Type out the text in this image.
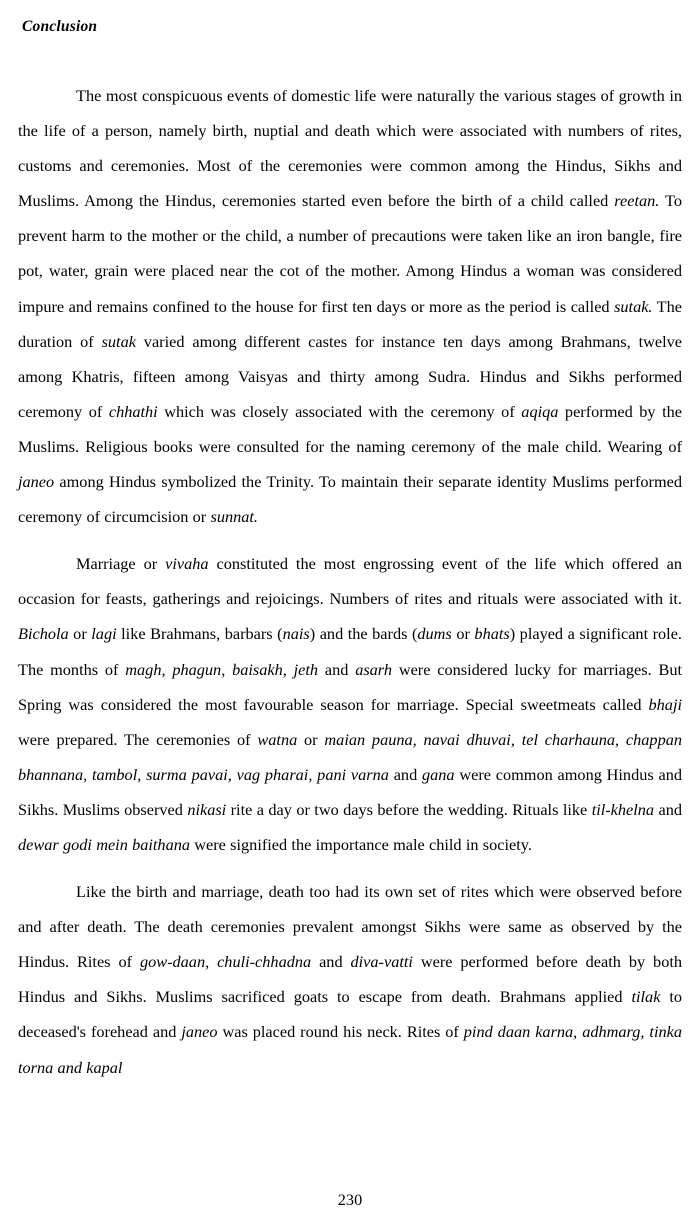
Conclusion

The most conspicuous events of domestic life were naturally the various stages of growth in the life of a person, namely birth, nuptial and death which were associated with numbers of rites, customs and ceremonies. Most of the ceremonies were common among the Hindus, Sikhs and Muslims. Among the Hindus, ceremonies started even before the birth of a child called reetan. To prevent harm to the mother or the child, a number of precautions were taken like an iron bangle, fire pot, water, grain were placed near the cot of the mother. Among Hindus a woman was considered impure and remains confined to the house for first ten days or more as the period is called sutak. The duration of sutak varied among different castes for instance ten days among Brahmans, twelve among Khatris, fifteen among Vaisyas and thirty among Sudra. Hindus and Sikhs performed ceremony of chhathi which was closely associated with the ceremony of aqiqa performed by the Muslims. Religious books were consulted for the naming ceremony of the male child. Wearing of janeo among Hindus symbolized the Trinity. To maintain their separate identity Muslims performed ceremony of circumcision or sunnat.

Marriage or vivaha constituted the most engrossing event of the life which offered an occasion for feasts, gatherings and rejoicings. Numbers of rites and rituals were associated with it. Bichola or lagi like Brahmans, barbars (nais) and the bards (dums or bhats) played a significant role. The months of magh, phagun, baisakh, jeth and asarh were considered lucky for marriages. But Spring was considered the most favourable season for marriage. Special sweetmeats called bhaji were prepared. The ceremonies of watna or maian pauna, navai dhuvai, tel charhauna, chappan bhannana, tambol, surma pavai, vag pharai, pani varna and gana were common among Hindus and Sikhs. Muslims observed nikasi rite a day or two days before the wedding. Rituals like til-khelna and dewar godi mein baithana were signified the importance male child in society.

Like the birth and marriage, death too had its own set of rites which were observed before and after death. The death ceremonies prevalent amongst Sikhs were same as observed by the Hindus. Rites of gow-daan, chuli-chhadna and diva-vatti were performed before death by both Hindus and Sikhs. Muslims sacrificed goats to escape from death. Brahmans applied tilak to deceased's forehead and janeo was placed round his neck. Rites of pind daan karna, adhmarg, tinka torna and kapal

230
